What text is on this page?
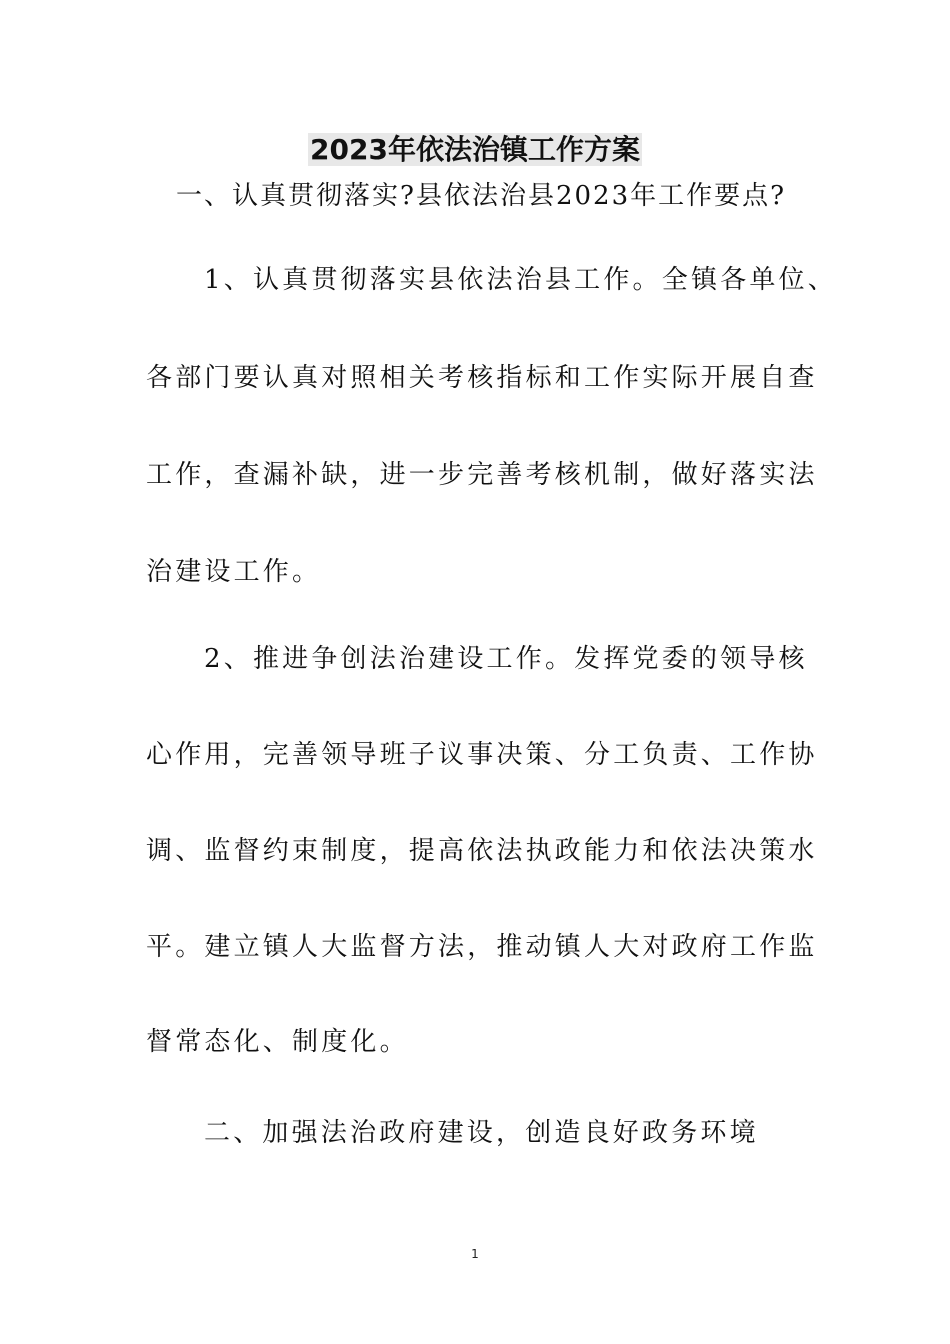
2023年依法治镇工作方案
一、认真贯彻落实?县依法治县2023年工作要点?
1、认真贯彻落实县依法治县工作。全镇各单位、
各部门要认真对照相关考核指标和工作实际开展自查
工作，查漏补缺，进一步完善考核机制，做好落实法
治建设工作。
2、推进争创法治建设工作。发挥党委的领导核
心作用，完善领导班子议事决策、分工负责、工作协
调、监督约束制度，提高依法执政能力和依法决策水
平。建立镇人大监督方法，推动镇人大对政府工作监
督常态化、制度化。
二、加强法治政府建设，创造良好政务环境
1
